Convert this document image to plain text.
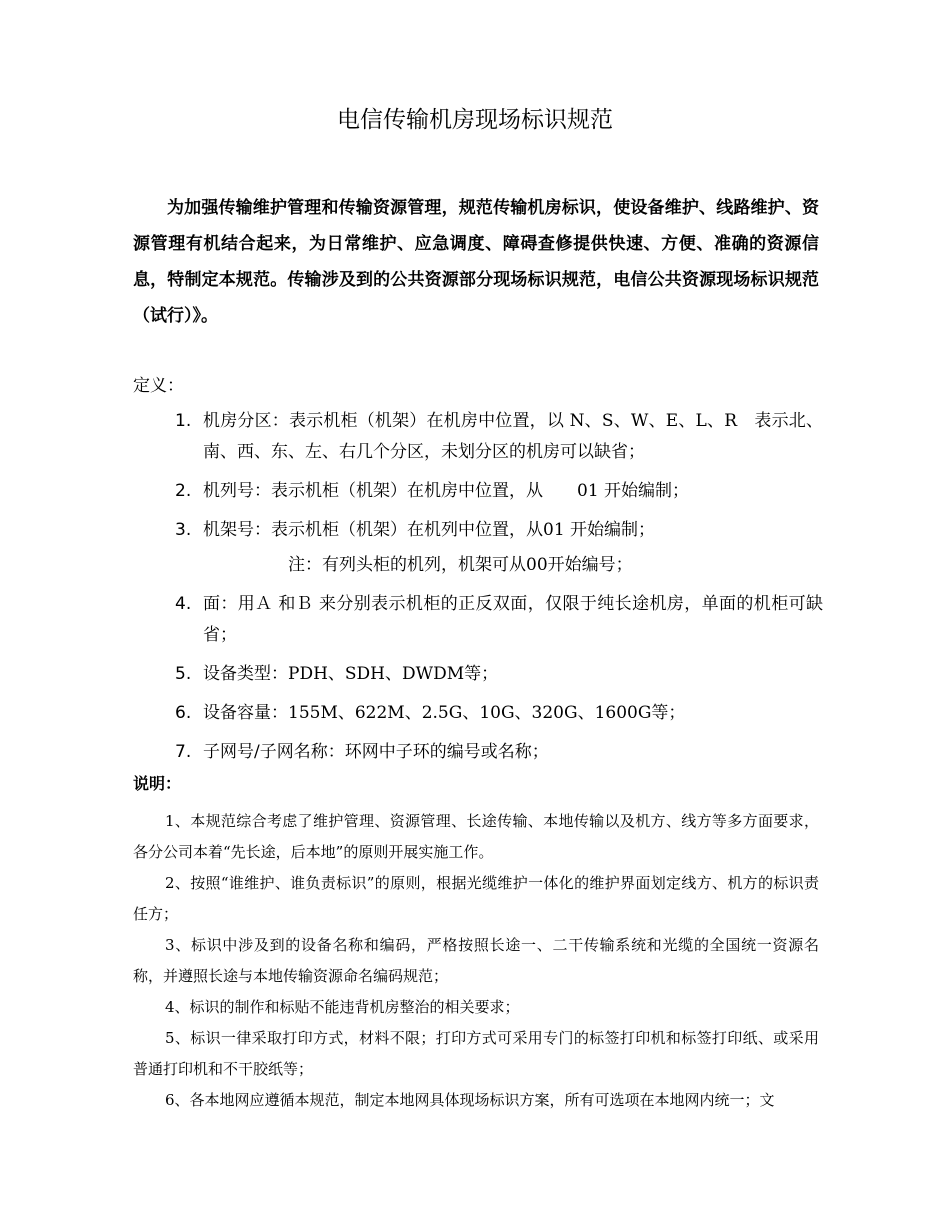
电信传输机房现场标识规范

为加强传输维护管理和传输资源管理，规范传输机房标识，使设备维护、线路维护、资源管理有机结合起来，为日常维护、应急调度、障碍查修提供快速、方便、准确的资源信息，特制定本规范。传输涉及到的公共资源部分现场标识规范，电信公共资源现场标识规范（试行）》。

定义：
1. 机房分区：表示机柜（机架）在机房中位置，以 N、S、W、E、L、R　表示北、南、西、东、左、右几个分区，未划分区的机房可以缺省；
2. 机列号：表示机柜（机架）在机房中位置，从　　01 开始编制；
3. 机架号：表示机柜（机架）在机列中位置，从01 开始编制；
注：有列头柜的机列，机架可从00开始编号；
4. 面：用Ａ 和Ｂ 来分别表示机柜的正反双面，仅限于纯长途机房，单面的机柜可缺省；
5. 设备类型：PDH、SDH、DWDM等；
6. 设备容量：155M、622M、2.5G、10G、320G、1600G等；
7. 子网号/子网名称：环网中子环的编号或名称；
说明：

1、本规范综合考虑了维护管理、资源管理、长途传输、本地传输以及机方、线方等多方面要求，各分公司本着“先长途，后本地”的原则开展实施工作。

2、按照“谁维护、谁负责标识”的原则，根据光缆维护一体化的维护界面划定线方、机方的标识责任方；

3、标识中涉及到的设备名称和编码，严格按照长途一、二干传输系统和光缆的全国统一资源名称，并遵照长途与本地传输资源命名编码规范；

4、标识的制作和标贴不能违背机房整治的相关要求；

5、标识一律采取打印方式，材料不限；打印方式可采用专门的标签打印机和标签打印纸、或采用普通打印机和不干胶纸等；

6、各本地网应遵循本规范，制定本地网具体现场标识方案，所有可选项在本地网内统一；文
